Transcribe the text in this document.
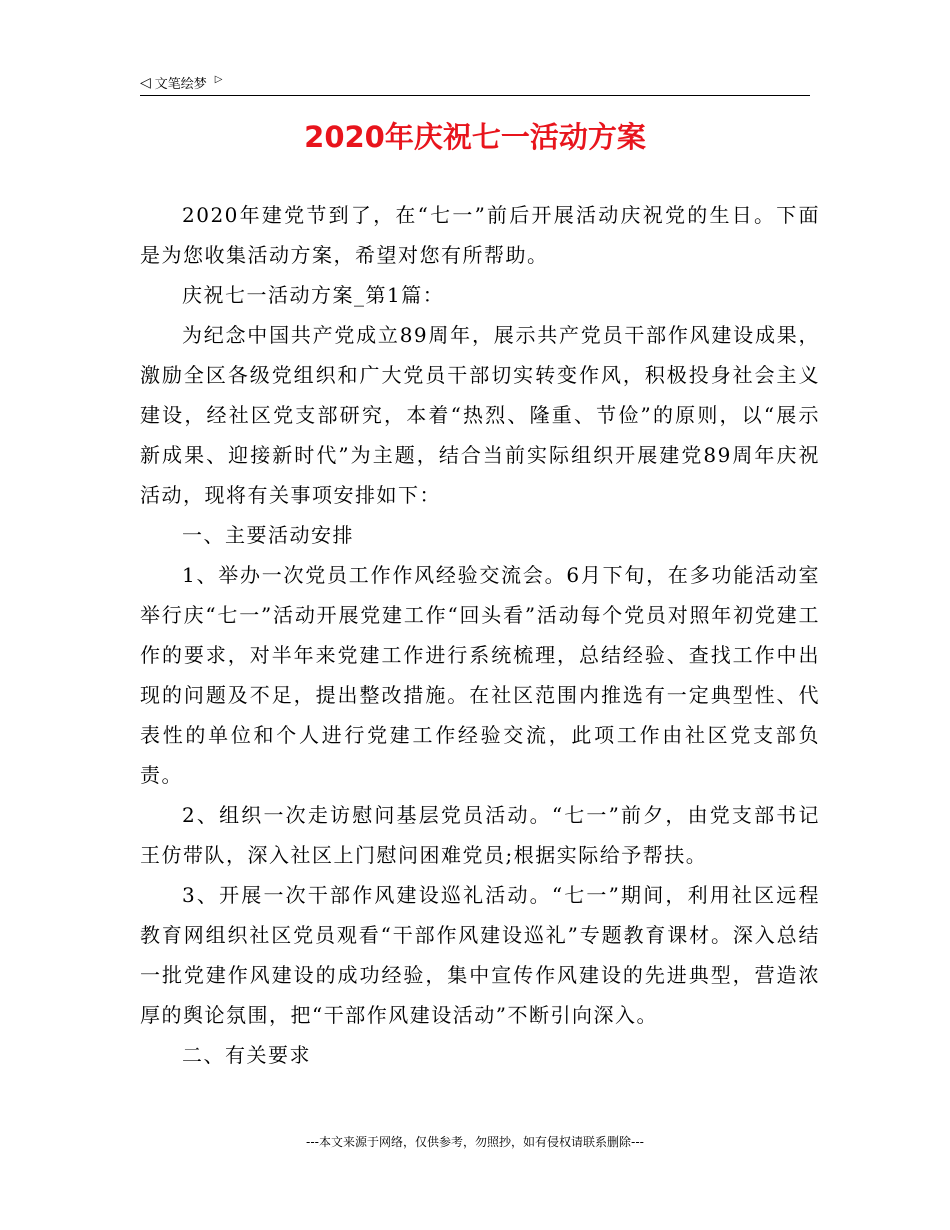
◁ 文笔绘梦 ▷
2020年庆祝七一活动方案

2020年建党节到了，在“七一”前后开展活动庆祝党的生日。下面是为您收集活动方案，希望对您有所帮助。

庆祝七一活动方案_第1篇：

为纪念中国共产党成立89周年，展示共产党员干部作风建设成果，激励全区各级党组织和广大党员干部切实转变作风，积极投身社会主义建设，经社区党支部研究，本着“热烈、隆重、节俭”的原则，以“展示新成果、迎接新时代”为主题，结合当前实际组织开展建党89周年庆祝活动，现将有关事项安排如下：

一、主要活动安排

1、举办一次党员工作作风经验交流会。6月下旬，在多功能活动室举行庆“七一”活动开展党建工作“回头看”活动每个党员对照年初党建工作的要求，对半年来党建工作进行系统梳理，总结经验、查找工作中出现的问题及不足，提出整改措施。在社区范围内推选有一定典型性、代表性的单位和个人进行党建工作经验交流，此项工作由社区党支部负责。

2、组织一次走访慰问基层党员活动。“七一”前夕，由党支部书记王仿带队，深入社区上门慰问困难党员;根据实际给予帮扶。

3、开展一次干部作风建设巡礼活动。“七一”期间，利用社区远程教育网组织社区党员观看“干部作风建设巡礼”专题教育课材。深入总结一批党建作风建设的成功经验，集中宣传作风建设的先进典型，营造浓厚的舆论氛围，把“干部作风建设活动”不断引向深入。

二、有关要求

---本文来源于网络，仅供参考，勿照抄，如有侵权请联系删除---
